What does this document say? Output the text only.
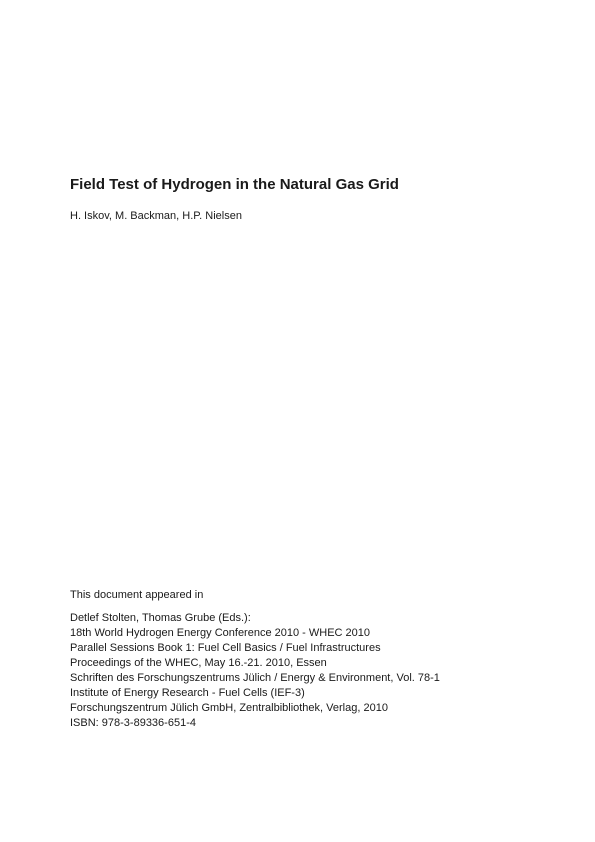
Field Test of Hydrogen in the Natural Gas Grid

H. Iskov, M. Backman, H.P. Nielsen

This document appeared in

Detlef Stolten, Thomas Grube (Eds.):
18th World Hydrogen Energy Conference 2010 - WHEC 2010
Parallel Sessions Book 1: Fuel Cell Basics / Fuel Infrastructures
Proceedings of the WHEC, May 16.-21. 2010, Essen
Schriften des Forschungszentrums Jülich / Energy & Environment, Vol. 78-1
Institute of Energy Research - Fuel Cells (IEF-3)
Forschungszentrum Jülich GmbH, Zentralbibliothek, Verlag, 2010
ISBN: 978-3-89336-651-4
